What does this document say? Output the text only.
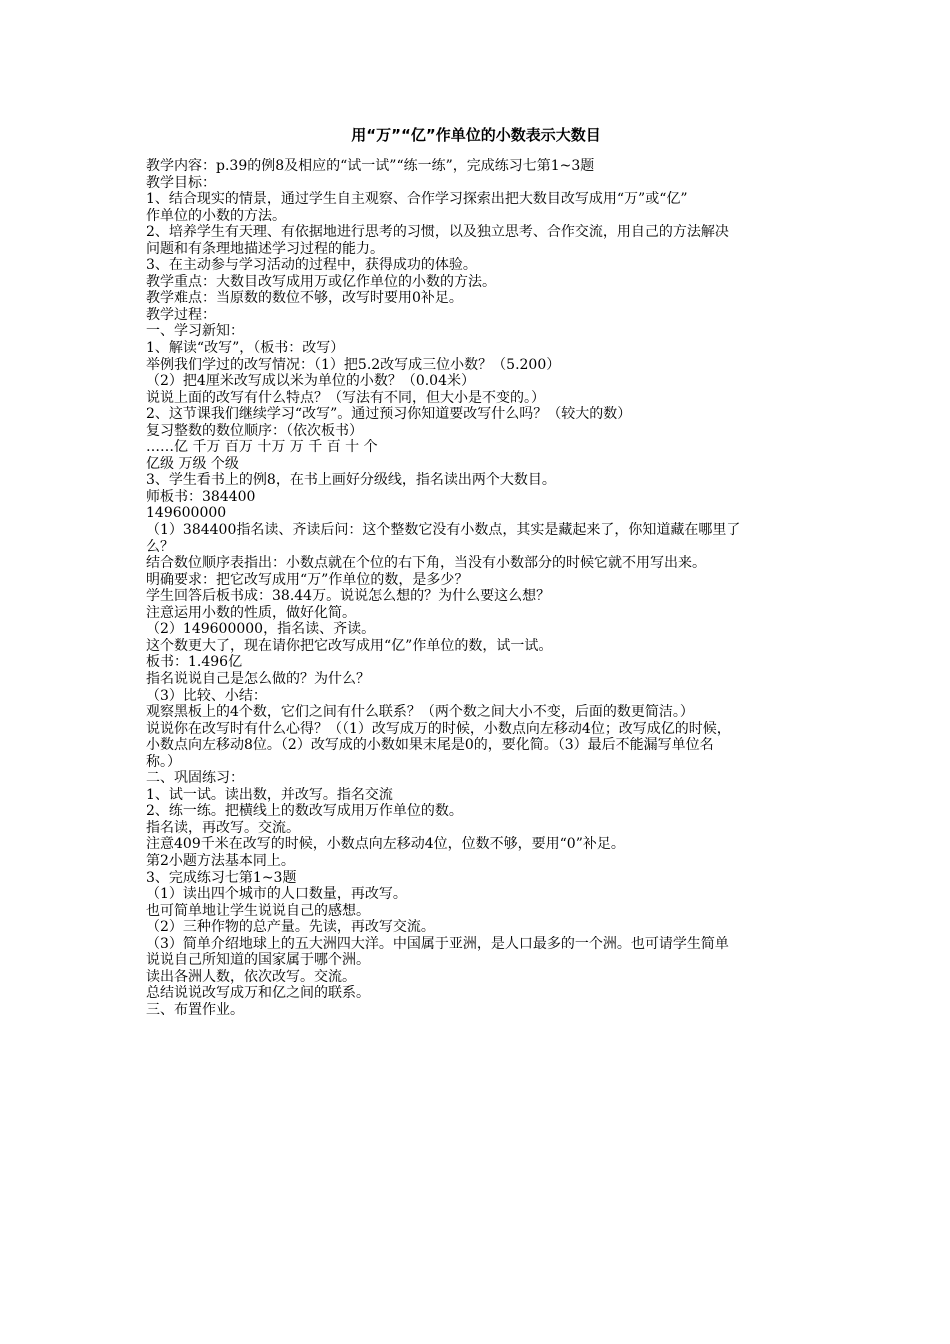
用“万”“亿”作单位的小数表示大数目
教学内容：p.39的例8及相应的“试一试”“练一练”，完成练习七第1~3题
教学目标：
1、结合现实的情景，通过学生自主观察、合作学习探索出把大数目改写成用“万”或“亿”
作单位的小数的方法。
2、培养学生有天理、有依据地进行思考的习惯，以及独立思考、合作交流，用自己的方法解决
问题和有条理地描述学习过程的能力。
3、在主动参与学习活动的过程中，获得成功的体验。
教学重点：大数目改写成用万或亿作单位的小数的方法。
教学难点：当原数的数位不够，改写时要用0补足。
教学过程：
一、学习新知：
1、解读“改写”，（板书：改写）
举例我们学过的改写情况：（1）把5.2改写成三位小数？（5.200）
（2）把4厘米改写成以米为单位的小数？（0.04米）
说说上面的改写有什么特点？（写法有不同，但大小是不变的。）
2、这节课我们继续学习“改写”。通过预习你知道要改写什么吗？（较大的数）
复习整数的数位顺序：（依次板书）
……亿 千万 百万 十万 万 千 百 十 个
亿级 万级 个级
3、学生看书上的例8，在书上画好分级线，指名读出两个大数目。
师板书：384400
149600000
（1）384400指名读、齐读后问：这个整数它没有小数点，其实是藏起来了，你知道藏在哪里了
么？
结合数位顺序表指出：小数点就在个位的右下角，当没有小数部分的时候它就不用写出来。
明确要求：把它改写成用“万”作单位的数，是多少？
学生回答后板书成：38.44万。说说怎么想的？为什么要这么想？
注意运用小数的性质，做好化简。
（2）149600000，指名读、齐读。
这个数更大了，现在请你把它改写成用“亿”作单位的数，试一试。
板书：1.496亿
指名说说自己是怎么做的？为什么？
（3）比较、小结：
观察黑板上的4个数，它们之间有什么联系？（两个数之间大小不变，后面的数更简洁。）
说说你在改写时有什么心得？（（1）改写成万的时候，小数点向左移动4位；改写成亿的时候，
小数点向左移动8位。（2）改写成的小数如果末尾是0的，要化简。（3）最后不能漏写单位名
称。）
二、巩固练习：
1、试一试。读出数，并改写。指名交流
2、练一练。把横线上的数改写成用万作单位的数。
指名读，再改写。交流。
注意409千米在改写的时候，小数点向左移动4位，位数不够，要用“0”补足。
第2小题方法基本同上。
3、完成练习七第1~3题
（1）读出四个城市的人口数量，再改写。
也可简单地让学生说说自己的感想。
（2）三种作物的总产量。先读，再改写交流。
（3）简单介绍地球上的五大洲四大洋。中国属于亚洲，是人口最多的一个洲。也可请学生简单
说说自己所知道的国家属于哪个洲。
读出各洲人数，依次改写。交流。
总结说说改写成万和亿之间的联系。
三、布置作业。
